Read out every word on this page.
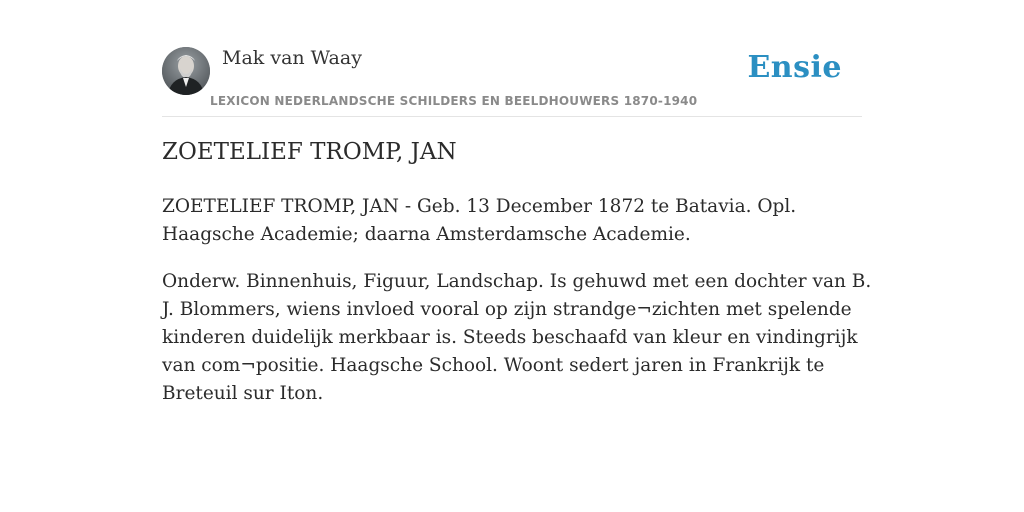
Mak van Waay
LEXICON NEDERLANDSCHE SCHILDERS EN BEELDHOUWERS 1870-1940
Ensie
ZOETELIEF TROMP, JAN

ZOETELIEF TROMP, JAN - Geb. 13 December 1872 te Batavia. Opl. Haagsche Academie; daarna Amsterdamsche Academie.

Onderw. Binnenhuis, Figuur, Landschap. Is gehuwd met een dochter van B. J. Blommers, wiens invloed vooral op zijn strandge¬zichten met spelende kinderen duidelijk merkbaar is. Steeds beschaafd van kleur en vindingrijk van com¬positie. Haagsche School. Woont sedert jaren in Frankrijk te Breteuil sur Iton.
